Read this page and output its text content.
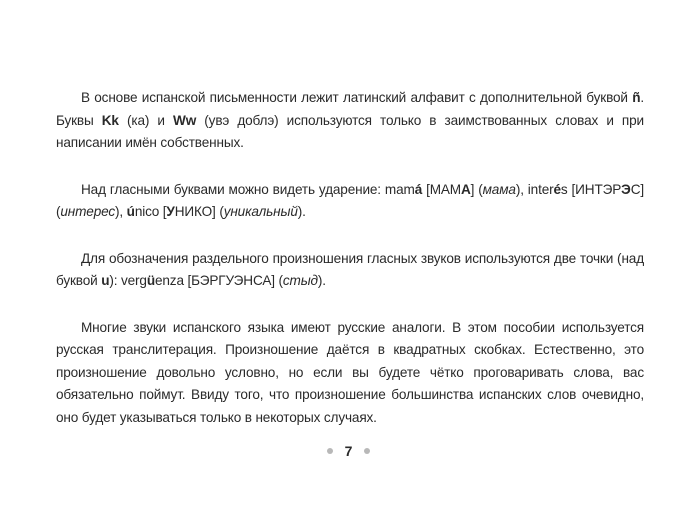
В основе испанской письменности лежит латинский алфавит с дополнительной буквой ñ. Буквы Kk (ка) и Ww (увэ доблэ) используются только в заимствованных словах и при написании имён собственных.

Над гласными буквами можно видеть ударение: mamá [МАМА] (мама), interés [ИНТЭРЭС] (интерес), único [УНИКО] (уникальный).

Для обозначения раздельного произношения гласных звуков используются две точки (над буквой u): vergüenza [БЭРГУЭНСА] (стыд).

Многие звуки испанского языка имеют русские аналоги. В этом пособии используется русская транслитерация. Произношение даётся в квадратных скобках. Естественно, это произношение довольно условно, но если вы будете чётко проговаривать слова, вас обязательно поймут. Ввиду того, что произношение большинства испанских слов очевидно, оно будет указываться только в некоторых случаях.

7
